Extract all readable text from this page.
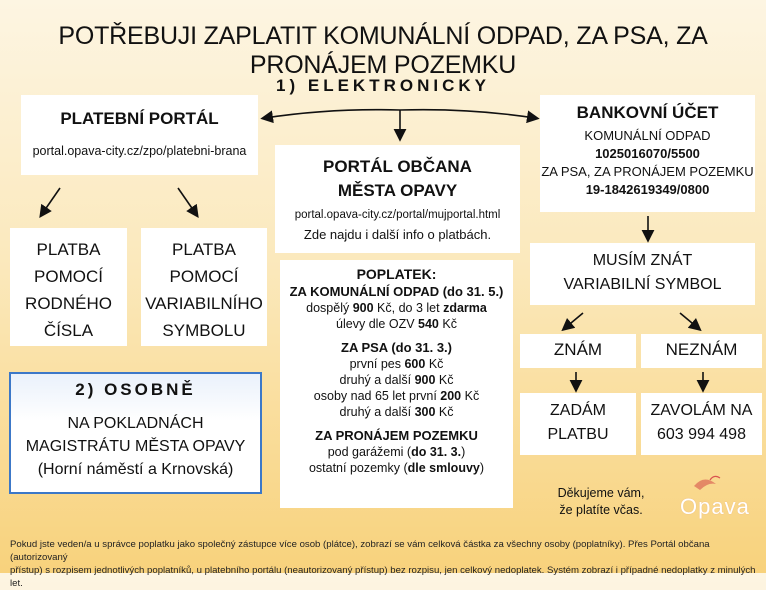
POTŘEBUJI ZAPLATIT KOMUNÁLNÍ ODPAD, ZA PSA, ZA PRONÁJEM POZEMKU
1) ELEKTRONICKY
PLATEBNÍ PORTÁL
portal.opava-city.cz/zpo/platebni-brana
PLATBA
POMOCÍ
RODNÉHO
ČÍSLA
PLATBA
POMOCÍ
VARIABILNÍHO
SYMBOLU
2) OSOBNĚ
NA POKLADNÁCH
MAGISTRÁTU MĚSTA OPAVY
(Horní náměstí a Krnovská)
PORTÁL OBČANA
MĚSTA OPAVY
portal.opava-city.cz/portal/mujportal.html
Zde najdu i další info o platbách.
POPLATEK:
ZA KOMUNÁLNÍ ODPAD (do 31. 5.)
dospělý 900 Kč, do 3 let zdarma
úlevy dle OZV 540 Kč
ZA PSA (do 31. 3.)
první pes 600 Kč
druhý a další 900 Kč
osoby nad 65 let první 200 Kč
druhý a další 300 Kč
ZA PRONÁJEM POZEMKU
pod garážemi (do 31. 3.)
ostatní pozemky (dle smlouvy)
BANKOVNÍ ÚČET
KOMUNÁLNÍ ODPAD
1025016070/5500
ZA PSA, ZA PRONÁJEM POZEMKU
19-1842619349/0800
MUSÍM ZNÁT
VARIABILNÍ SYMBOL
ZNÁM	NEZNÁM
ZADÁM
PLATBU
ZAVOLÁM NA
603 994 498
Děkujeme vám,
že platíte včas.	Opava
Pokud jste veden/a u správce poplatku jako společný zástupce více osob (plátce), zobrazí se vám celková částka za všechny osoby (poplatníky). Přes Portál občana (autorizovaný
přístup) s rozpisem jednotlivých poplatníků, u platebního portálu (neautorizovaný přístup) bez rozpisu, jen celkový nedoplatek. Systém zobrazí i případné nedoplatky z minulých let.
